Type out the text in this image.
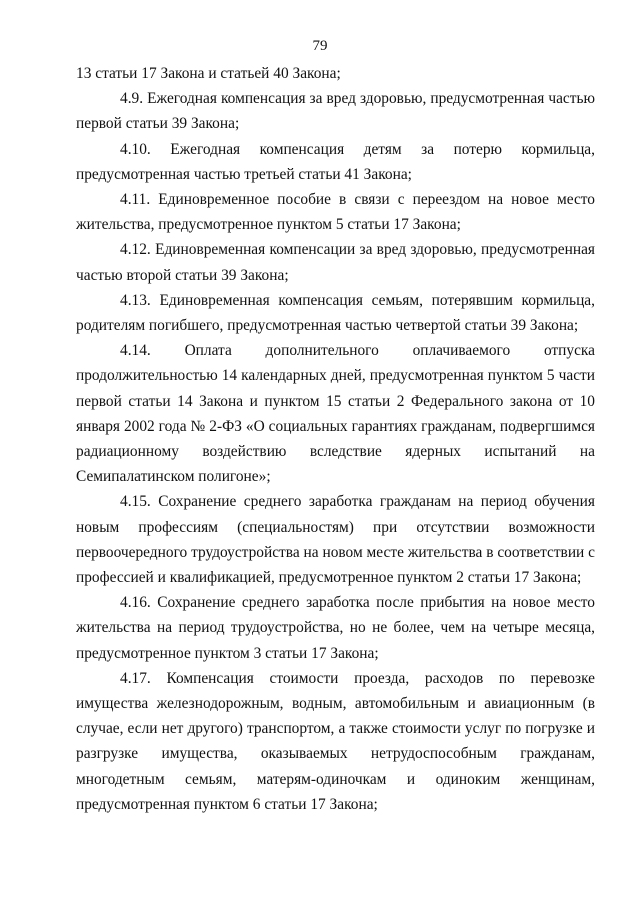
79

13 статьи 17 Закона и статьей 40 Закона;

4.9. Ежегодная компенсация за вред здоровью, предусмотренная частью первой статьи 39 Закона;

4.10. Ежегодная компенсация детям за потерю кормильца, предусмотренная частью третьей статьи 41 Закона;

4.11. Единовременное пособие в связи с переездом на новое место жительства, предусмотренное пунктом 5 статьи 17 Закона;

4.12. Единовременная компенсации за вред здоровью, предусмотренная частью второй статьи 39 Закона;

4.13. Единовременная компенсация семьям, потерявшим кормильца, родителям погибшего, предусмотренная частью четвертой статьи 39 Закона;

4.14. Оплата дополнительного оплачиваемого отпуска продолжительностью 14 календарных дней, предусмотренная пунктом 5 части первой статьи 14 Закона и пунктом 15 статьи 2 Федерального закона от 10 января 2002 года № 2-ФЗ «О социальных гарантиях гражданам, подвергшимся радиационному воздействию вследствие ядерных испытаний на Семипалатинском полигоне»;

4.15. Сохранение среднего заработка гражданам на период обучения новым профессиям (специальностям) при отсутствии возможности первоочередного трудоустройства на новом месте жительства в соответствии с профессией и квалификацией, предусмотренное пунктом 2 статьи 17 Закона;

4.16. Сохранение среднего заработка после прибытия на новое место жительства на период трудоустройства, но не более, чем на четыре месяца, предусмотренное пунктом 3 статьи 17 Закона;

4.17. Компенсация стоимости проезда, расходов по перевозке имущества железнодорожным, водным, автомобильным и авиационным (в случае, если нет другого) транспортом, а также стоимости услуг по погрузке и разгрузке имущества, оказываемых нетрудоспособным гражданам, многодетным семьям, матерям-одиночкам и одиноким женщинам, предусмотренная пунктом 6 статьи 17 Закона;
